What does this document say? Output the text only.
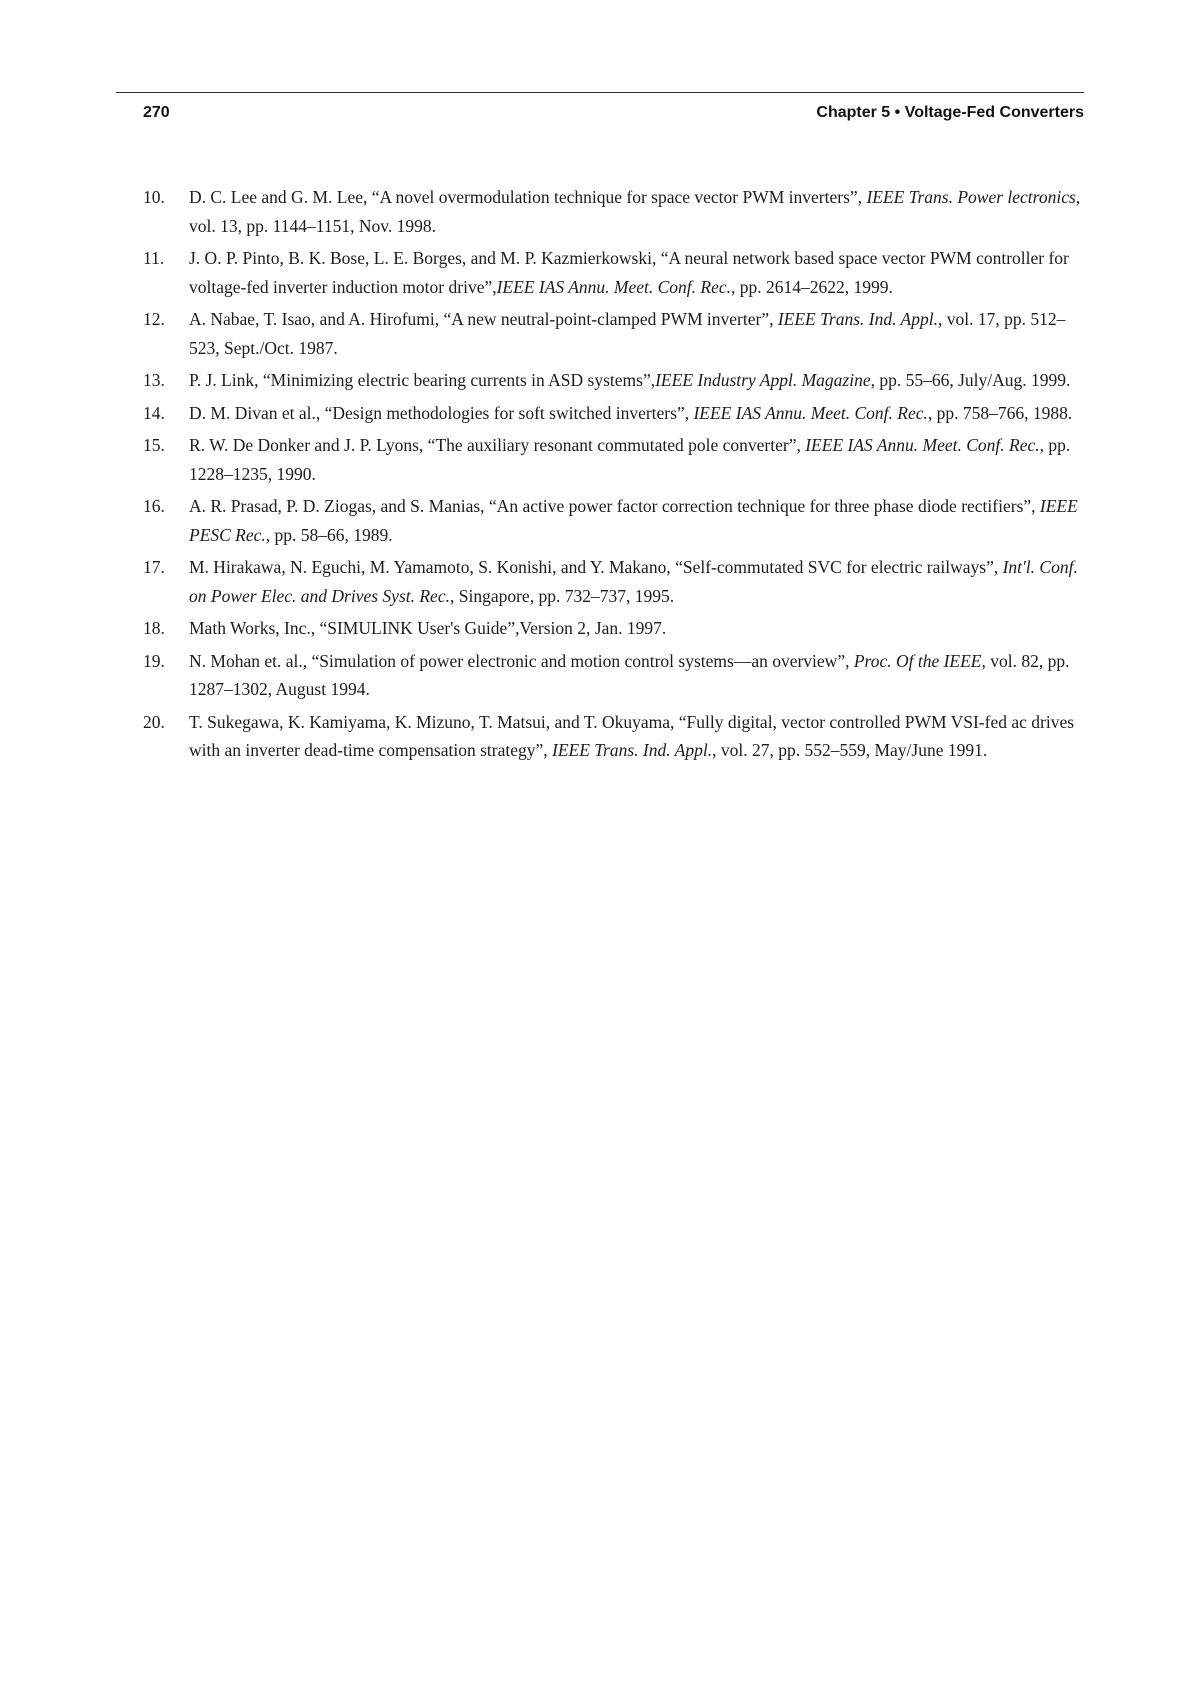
270	Chapter 5 • Voltage-Fed Converters
10. D. C. Lee and G. M. Lee, “A novel overmodulation technique for space vector PWM inverters”, IEEE Trans. Power lectronics, vol. 13, pp. 1144–1151, Nov. 1998.
11. J. O. P. Pinto, B. K. Bose, L. E. Borges, and M. P. Kazmierkowski, “A neural network based space vector PWM controller for voltage-fed inverter induction motor drive”,IEEE IAS Annu. Meet. Conf. Rec., pp. 2614–2622, 1999.
12. A. Nabae, T. Isao, and A. Hirofumi, “A new neutral-point-clamped PWM inverter”, IEEE Trans. Ind. Appl., vol. 17, pp. 512–523, Sept./Oct. 1987.
13. P. J. Link, “Minimizing electric bearing currents in ASD systems”,IEEE Industry Appl. Magazine, pp. 55–66, July/Aug. 1999.
14. D. M. Divan et al., “Design methodologies for soft switched inverters”, IEEE IAS Annu. Meet. Conf. Rec., pp. 758–766, 1988.
15. R. W. De Donker and J. P. Lyons, “The auxiliary resonant commutated pole converter”, IEEE IAS Annu. Meet. Conf. Rec., pp. 1228–1235, 1990.
16. A. R. Prasad, P. D. Ziogas, and S. Manias, “An active power factor correction technique for three phase diode rectifiers”, IEEE PESC Rec., pp. 58–66, 1989.
17. M. Hirakawa, N. Eguchi, M. Yamamoto, S. Konishi, and Y. Makano, “Self-commutated SVC for electric railways”, Int'l. Conf. on Power Elec. and Drives Syst. Rec., Singapore, pp. 732–737, 1995.
18. Math Works, Inc., “SIMULINK User's Guide”,Version 2, Jan. 1997.
19. N. Mohan et. al., “Simulation of power electronic and motion control systems—an overview”, Proc. Of the IEEE, vol. 82, pp. 1287–1302, August 1994.
20. T. Sukegawa, K. Kamiyama, K. Mizuno, T. Matsui, and T. Okuyama, “Fully digital, vector controlled PWM VSI-fed ac drives with an inverter dead-time compensation strategy”, IEEE Trans. Ind. Appl., vol. 27, pp. 552–559, May/June 1991.
